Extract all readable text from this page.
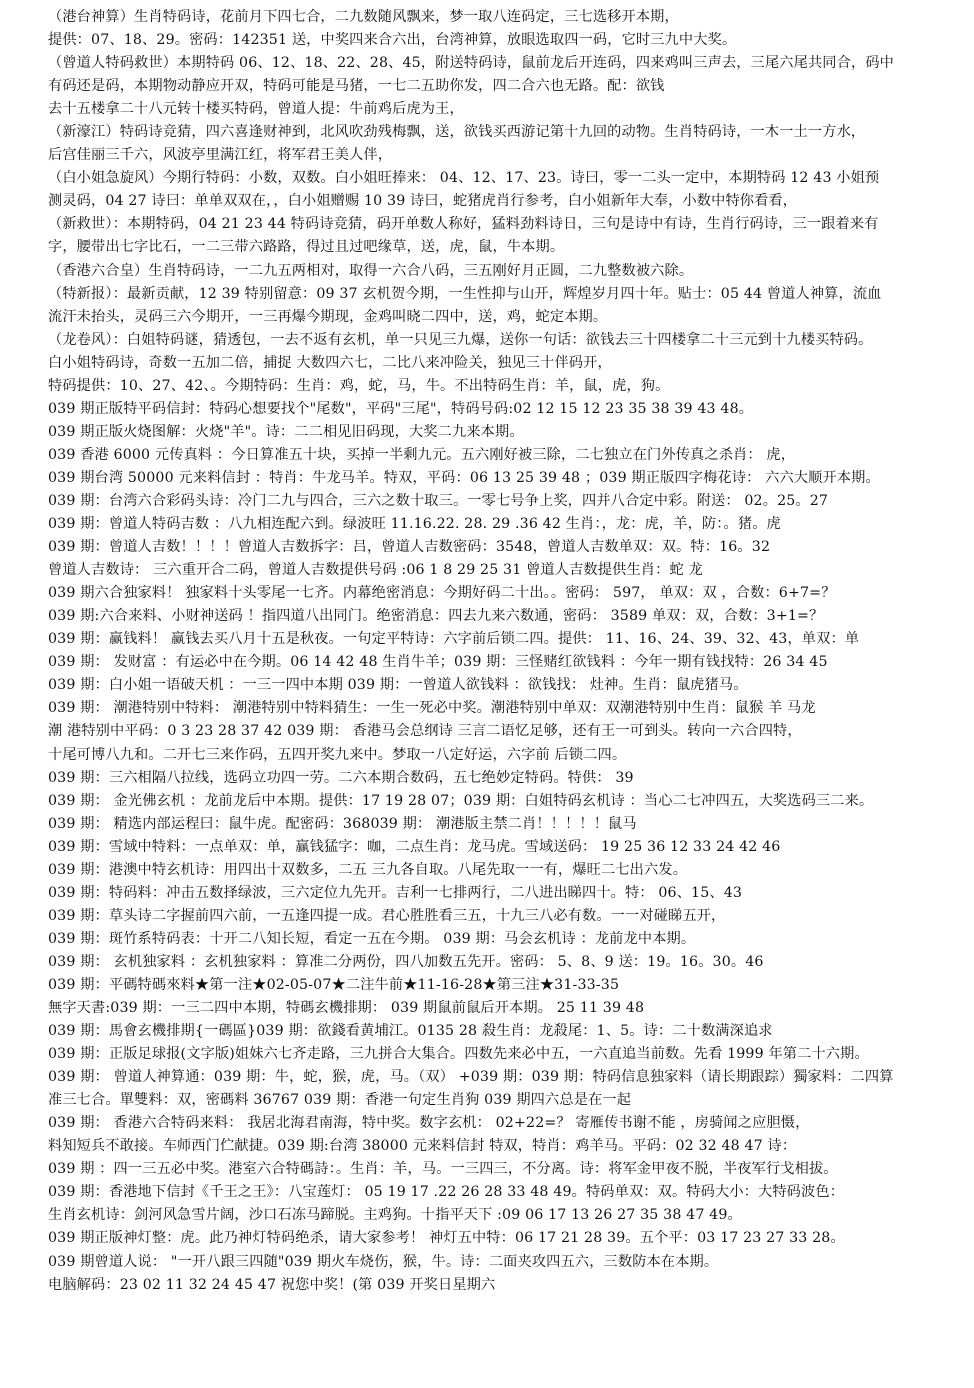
（港台神算）生肖特码诗，花前月下四七合，二九数随风飘来，梦一取八连码定，三七选移开本期，
提供：07、18、29。密码：142351 送，中奖四来合六出，台湾神算，放眼选取四一码，它时三九中大奖。
（曾道人特码救世）本期特码 06、12、18、22、28、45，附送特码诗，鼠前龙后开连码，四来鸡叫三声去，三尾六尾共同合，码中
有码还是码，本期物动静应开双，特码可能是马猪，一七二五助你发，四二合六也无路。配：欲钱
去十五楼拿二十八元转十楼买特码，曾道人提：牛前鸡后虎为王，
（新濠江）特码诗竞猜，四六喜逢财神到，北风吹劲残梅飘，送，欲钱买西游记第十九回的动物。生肖特码诗，一木一土一方水，
后宫佳丽三千六，风波亭里满江红，将军君王美人伴，
（白小姐急旋风）今期行特码：小数，双数。白小姐旺捧来： 04、12、17、23。诗曰，零一二头一定中，本期特码 12 43 小姐预
测灵码，04 27 诗曰：单单双双在，，白小姐赠赐 10 39 诗曰，蛇猪虎肖行参考，白小姐新年大奉，小数中特你看看，
（新救世）：本期特码，04 21 23 44 特码诗竞猜，码开单数人称好，猛料劲料诗日，三句是诗中有诗，生肖行码诗，三一跟着来有
字，腰带出七字比石，一二三带六路路，得过且过吧缘草，送，虎，鼠，牛本期。
（香港六合皇）生肖特码诗，一二九五两相对，取得一六合八码，三五刚好月正圆，二九整数被六除。
（特新报）：最新贡献，12 39 特别留意：09 37 玄机贺今期，一生性抑与山开，辉煌岁月四十年。贴士：05 44 曾道人神算，流血
流汗未抬头，灵码三六今期开，一三再爆今期现，金鸡叫晓二四中，送，鸡，蛇定本期。
（龙卷风）：白姐特码谜，猜透包，一去不返有玄机，单一只见三九爆，送你一句话：欲钱去三十四楼拿二十三元到十九楼买特码。
白小姐特码诗，奇数一五加二倍，捕捉 大数四六七，二比八来冲险关，独见三十伴码开，
特码提供：10、27、42、。今期特码：生肖：鸡，蛇，马，牛。不出特码生肖：羊，鼠，虎，狗。
039 期正版特平码信封：特码心想要找个"尾数"，平码"三尾"，特码号码:02 12 15 12 23 35 38 39 43 48。
039 期正版火烧图解：火烧"羊"。诗：二二相见旧码现，大奖二九来本期。
039 香港 6000 元传真料 ：今日算准五十块，买掉一半剩九元。五六刚好被三除，二七独立在门外传真之杀肖： 虎，
039 期台湾 50000 元来料信封 ：特肖：牛龙马羊。特双，平码：06 13 25 39 48 ；039 期正版四字梅花诗： 六六大顺开本期。
039 期：台湾六合彩码头诗：冷门二九与四合，三六之数十取三。一零七号争上奖，四并八合定中彩。附送： 02。25。27
039 期：曾道人特码吉数 ：八九相连配六到。绿波旺 11.16.22. 28. 29 .36 42 生肖：，龙：虎，羊，防：。猪。虎
039 期：曾道人吉数！！！！曾道人吉数拆字：吕，曾道人吉数密码：3548，曾道人吉数单双：双。特：16。32
曾道人吉数诗： 三六重开合二码，曾道人吉数提供号码 :06 1 8 29 25 31 曾道人吉数提供生肖：蛇 龙
039 期六合独家料！ 独家料十头零尾一七齐。内幕绝密消息：今期好码二十出。。密码： 597， 单双：双 ，合数：6+7=？
039 期:六合来料、小财神送码 ！指四道八出同门。绝密消息：四去九来六数通，密码： 3589 单双：双，合数：3+1=？
039 期：赢钱料！ 赢钱去买八月十五是秋夜。一句定平特诗：六字前后锁二四。提供： 11、16、24、39、32、43，单双：单
039 期： 发财富 ：有运必中在今期。06 14 42 48 生肖牛羊；039 期：三怪赌红欲钱料 ：今年一期有钱找特：26 34 45
039 期：白小姐一语破天机 ：一三一四中本期 039 期：一曾道人欲钱料 ：欲钱找： 灶神。生肖：鼠虎猪马。
039 期： 潮港特别中特料： 潮港特别中特料猜生：一生一死必中奖。潮港特别中单双：双潮港特别中生肖：鼠猴 羊 马龙
潮 港特别中平码：0 3 23 28 37 42 039 期： 香港马会总纲诗 三言二语忆足够，还有王一可到头。转向一六合四特，
十尾可博八九和。二开七三来作码，五四开奖九来中。梦取一八定好运，六字前 后锁二四。
039 期：三六相隔八拉线，选码立功四一劳。二六本期合数码，五七绝妙定特码。特供： 39
039 期： 金光佛玄机 ：龙前龙后中本期。提供：17 19 28 07；039 期：白姐特码玄机诗 ：当心二七冲四五，大奖选码三二来。
039 期： 精选内部运程曰：鼠牛虎。配密码：368039 期： 潮港版主禁二肖！！！！！鼠马
039 期：雪域中特料：一点单双：单，赢钱猛字：咖，二点生肖：龙马虎。雪域送码： 19 25 36 12 33 24 42 46
039 期：港澳中特玄机诗：用四出十双数多，二五 三九各自取。八尾先取一一有，爆旺二七出六发。
039 期：特码料：冲击五数择绿波，三六定位九先开。吉利一七排两行，二八进出睇四十。特： 06、15、43
039 期：草头诗二字握前四六前，一五逢四提一成。君心胜胜看三五，十九三八必有数。一一对碰睇五开，
039 期：斑竹系特码表：十开二八知长短，看定一五在今期。 039 期：马会玄机诗 ：龙前龙中本期。
039 期： 玄机独家料 ：玄机独家料 ：算准二分两份，四八加数五先开。密码： 5、8、9 送：19。16。30。46
039 期：平碼特碼來料★第一注★02-05-07★二注牛前★11-16-28★第三注★31-33-35
無字天書:039 期：一三二四中本期，特碼玄機排期： 039 期鼠前鼠后开本期。 25 11 39 48
039 期：馬會玄機排期{一碼區}039 期：欲錢看黄埔江。0135 28 殺生肖：龙殺尾：1、5。诗：二十数满深追求
039 期：正版足球报(文字版)姐妹六七齐走路，三九拼合大集合。四数先来必中五，一六直追当前数。先看 1999 年第二十六期。
039 期： 曾道人神算通：039 期：牛，蛇，猴，虎，马。（双） +039 期：039 期：特码信息独家料（请长期跟踪）獨家料：二四算
准三七合。單雙料：双，密碼料 36767 039 期：香港一句定生肖狗 039 期四六总是在一起
039 期： 香港六合特码来料： 我居北海君南海，特中奖。数字玄机： 02+22=？ 寄雁传书谢不能 ，房骑闻之应胆慑，
料知短兵不敢接。车师西门伫献捷。039 期:台湾 38000 元来料信封 特双，特肖：鸡羊马。平码：02 32 48 47 诗：
039 期 ：四一三五必中奖。港室六合特碼詩：。生肖：羊，马。一三四三，不分离。诗：将军金甲夜不脱，半夜军行戈相拔。
039 期：香港地下信封《千王之王》：八宝莲灯： 05 19 17 .22 26 28 33 48 49。特码单双：双。特码大小：大特码波色：
生肖玄机诗：剑河风急雪片阔，沙口石冻马蹄脱。主鸡狗。十指平天下 :09 06 17 13 26 27 35 38 47 49。
039 期正版神灯整：虎。此乃神灯特码绝杀，请大家参考！ 神灯五中特：06 17 21 28 39。五个平：03 17 23 27 33 28。
039 期曾道人说： "一开八跟三四随"039 期火车烧伤，猴，牛。诗：二面夹攻四五六，三数防本在本期。
电脑解码：23 02 11 32 24 45 47 祝您中奖！(第 039 开奖日星期六
